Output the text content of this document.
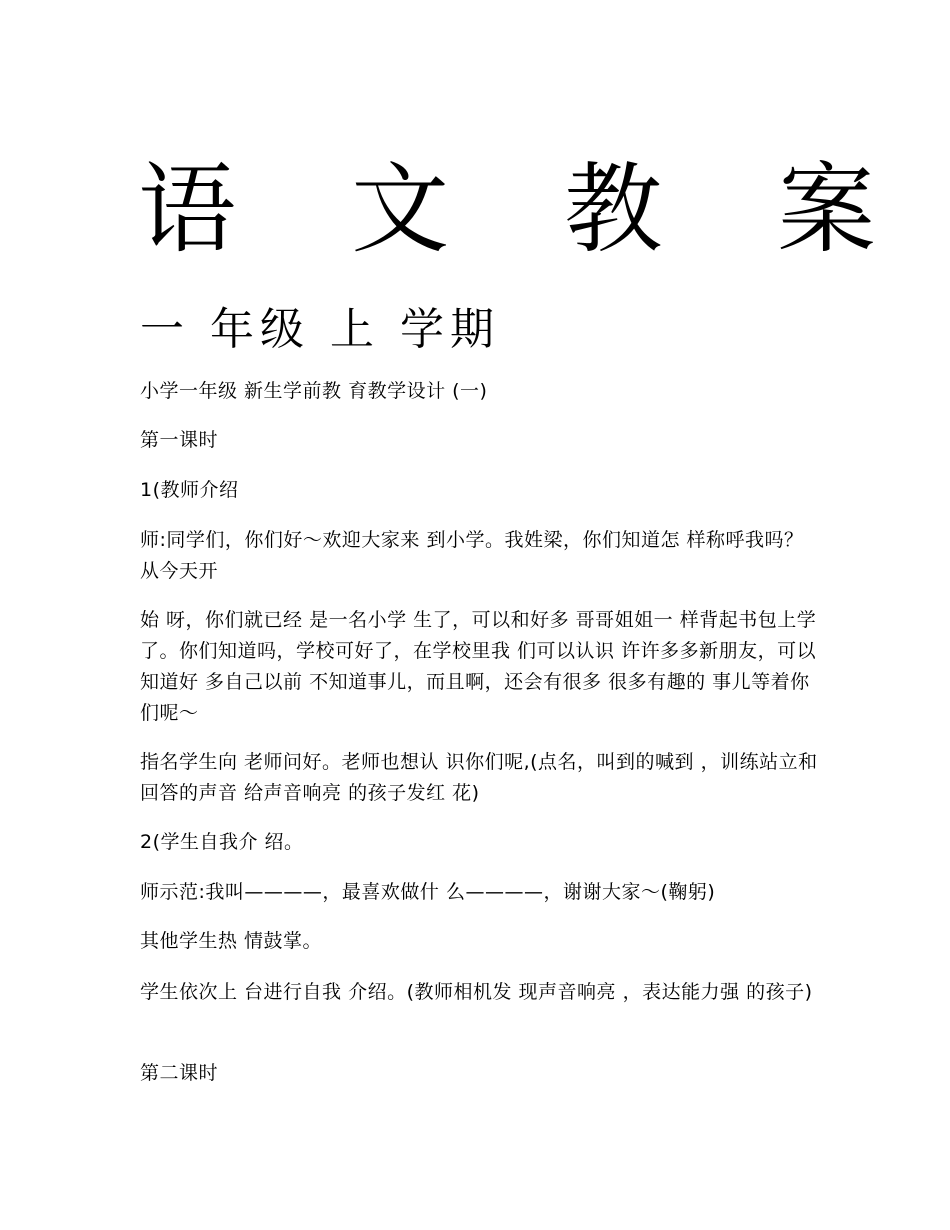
语 文 教 案
一 年级 上 学期

小学一年级 新生学前教 育教学设计 (一)

第一课时

1(教师介绍

师:同学们，你们好～欢迎大家来 到小学。我姓梁，你们知道怎 样称呼我吗？ 从今天开

始 呀，你们就已经 是一名小学 生了，可以和好多 哥哥姐姐一 样背起书包上学了。你们知道吗，学校可好了，在学校里我 们可以认识 许许多多新朋友，可以知道好 多自己以前 不知道事儿，而且啊，还会有很多 很多有趣的 事儿等着你 们呢～

指名学生向 老师问好。老师也想认 识你们呢,(点名，叫到的喊到 ，训练站立和 回答的声音 给声音响亮 的孩子发红 花)

2(学生自我介 绍。

师示范:我叫————，最喜欢做什 么————，谢谢大家～(鞠躬)

其他学生热 情鼓掌。

学生依次上 台进行自我 介绍。(教师相机发 现声音响亮 ，表达能力强 的孩子)

第二课时
